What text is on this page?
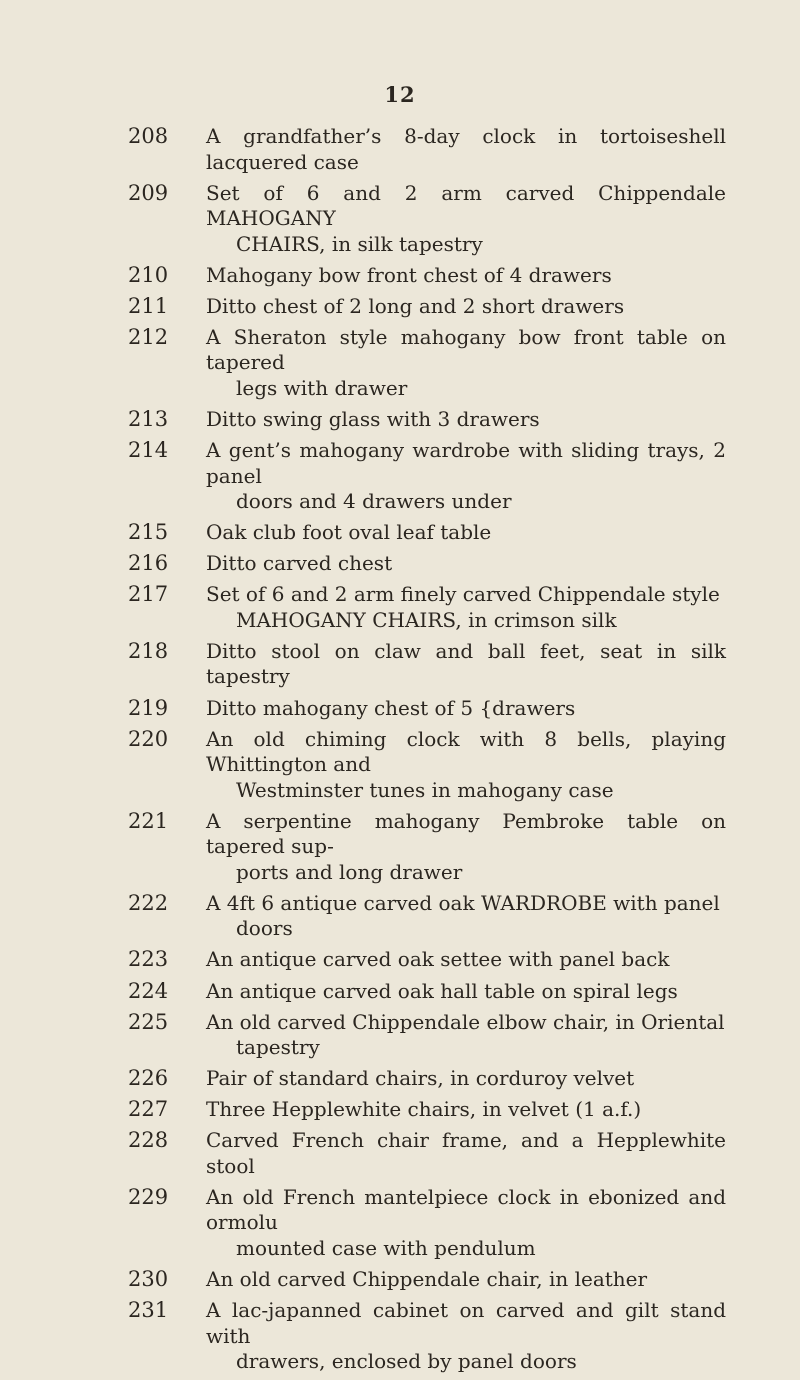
12
208	A grandfather’s 8-day clock in tortoiseshell lacquered case
209	Set of 6 and 2 arm carved Chippendale MAHOGANY
CHAIRS, in silk tapestry
210	Mahogany bow front chest of 4 drawers
211	Ditto chest of 2 long and 2 short drawers
212	A Sheraton style mahogany bow front table on tapered
legs with drawer
213	Ditto swing glass with 3 drawers
214	A gent’s mahogany wardrobe with sliding trays, 2 panel
doors and 4 drawers under
215	Oak club foot oval leaf table
216	Ditto carved chest
217	Set of 6 and 2 arm finely carved Chippendale style
MAHOGANY CHAIRS, in crimson silk
218	Ditto stool on claw and ball feet, seat in silk tapestry
219	Ditto mahogany chest of 5 {drawers
220	An old chiming clock with 8 bells, playing Whittington and
Westminster tunes in mahogany case
221	A serpentine mahogany Pembroke table on tapered sup-
ports and long drawer
222	A 4ft 6 antique carved oak WARDROBE with panel
doors
223	An antique carved oak settee with panel back
224	An antique carved oak hall table on spiral legs
225	An old carved Chippendale elbow chair, in Oriental
tapestry
226	Pair of standard chairs, in corduroy velvet
227	Three Hepplewhite chairs, in velvet (1 a.f.)
228	Carved French chair frame, and a Hepplewhite stool
229	An old French mantelpiece clock in ebonized and ormolu
mounted case with pendulum
230	An old carved Chippendale chair, in leather
231	A lac-japanned cabinet on carved and gilt stand with
drawers, enclosed by panel doors
